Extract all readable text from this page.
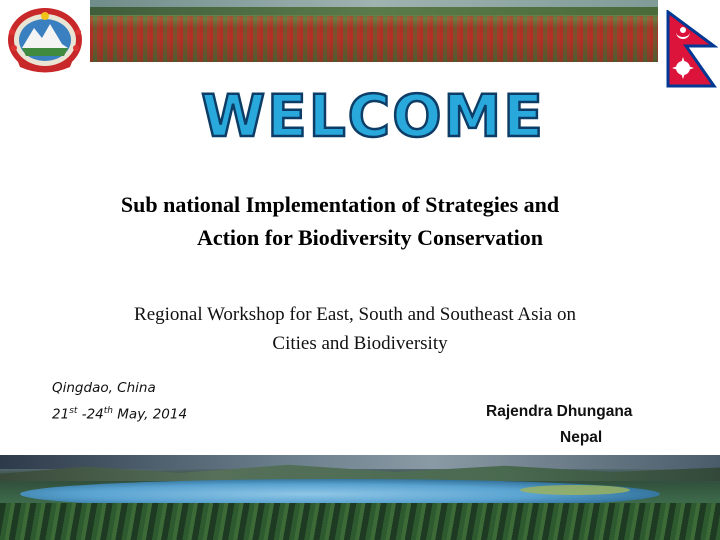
WELCOME
Sub national Implementation of Strategies and
Action for Biodiversity Conservation
Regional Workshop for East, South and Southeast Asia on
Cities and Biodiversity
Qingdao, China
21st -24th May, 2014	Rajendra Dhungana
Nepal
